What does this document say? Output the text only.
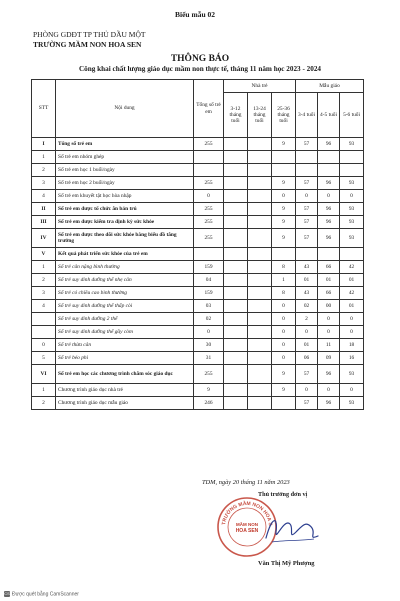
Biểu mẫu 02
PHÒNG GDĐT TP THỦ DẦU MỘT
TRƯỜNG MẦM NON HOA SEN
THÔNG BÁO
Công khai chất lượng giáo dục mầm non thực tế, tháng 11 năm học 2023 - 2024
STT	Nội dung	Tổng số trẻ em	Nhà trẻ			Mẫu giáo		
			3-12 tháng tuổi	13-24 tháng tuổi	25-36 tháng tuổi	3-4 tuổi	4-5 tuổi	5-6 tuổi
I	Tổng số trẻ em	255			9	57	96	93
1	Số trẻ em nhóm ghép							
2	Số trẻ em học 1 buổi/ngày							
3	Số trẻ em học 2 buổi/ngày	255			9	57	96	93
4	Số trẻ em khuyết tật học hòa nhập	0			0	0	0	0
II	Số trẻ em được tổ chức ăn bán trú	255			9	57	96	93
III	Số trẻ em được kiểm tra định kỳ sức khỏe	255			9	57	96	93
IV	Số trẻ em được theo dõi sức khỏe bằng biểu đồ tăng trưởng	255			9	57	96	93
V	Kết quả phát triển sức khỏe của trẻ em							
1	Số trẻ cân nặng bình thường	159			8	43	66	42
2	Số trẻ suy dinh dưỡng thể nhẹ cân	04			1	01	01	01
3	Số trẻ có chiều cao bình thường	159			8	43	66	42
4	Số trẻ suy dinh dưỡng thể thấp còi	03			0	02	00	01
	Số trẻ suy dinh dưỡng 2 thể	02			0	2	0	0
	Số trẻ suy dinh dưỡng thể gầy còm	0			0	0	0	0
0	Số trẻ thừa cân	30			0	01	11	18
5	Số trẻ béo phì	31			0	06	09	16
VI	Số trẻ em học các chương trình chăm sóc giáo dục	255			9	57	96	93
1	Chương trình giáo dục nhà trẻ	9			9	0	0	0
2	Chương trình giáo dục mẫu giáo	246				57	96	93
TDM, ngày 20 tháng 11 năm 2023
Thủ trưởng đơn vị
TRƯỜNG MẦM NON HOA S
MẦM NON
HOA SEN
Văn Thị Mỹ Phượng
CS Được quét bằng CamScanner
